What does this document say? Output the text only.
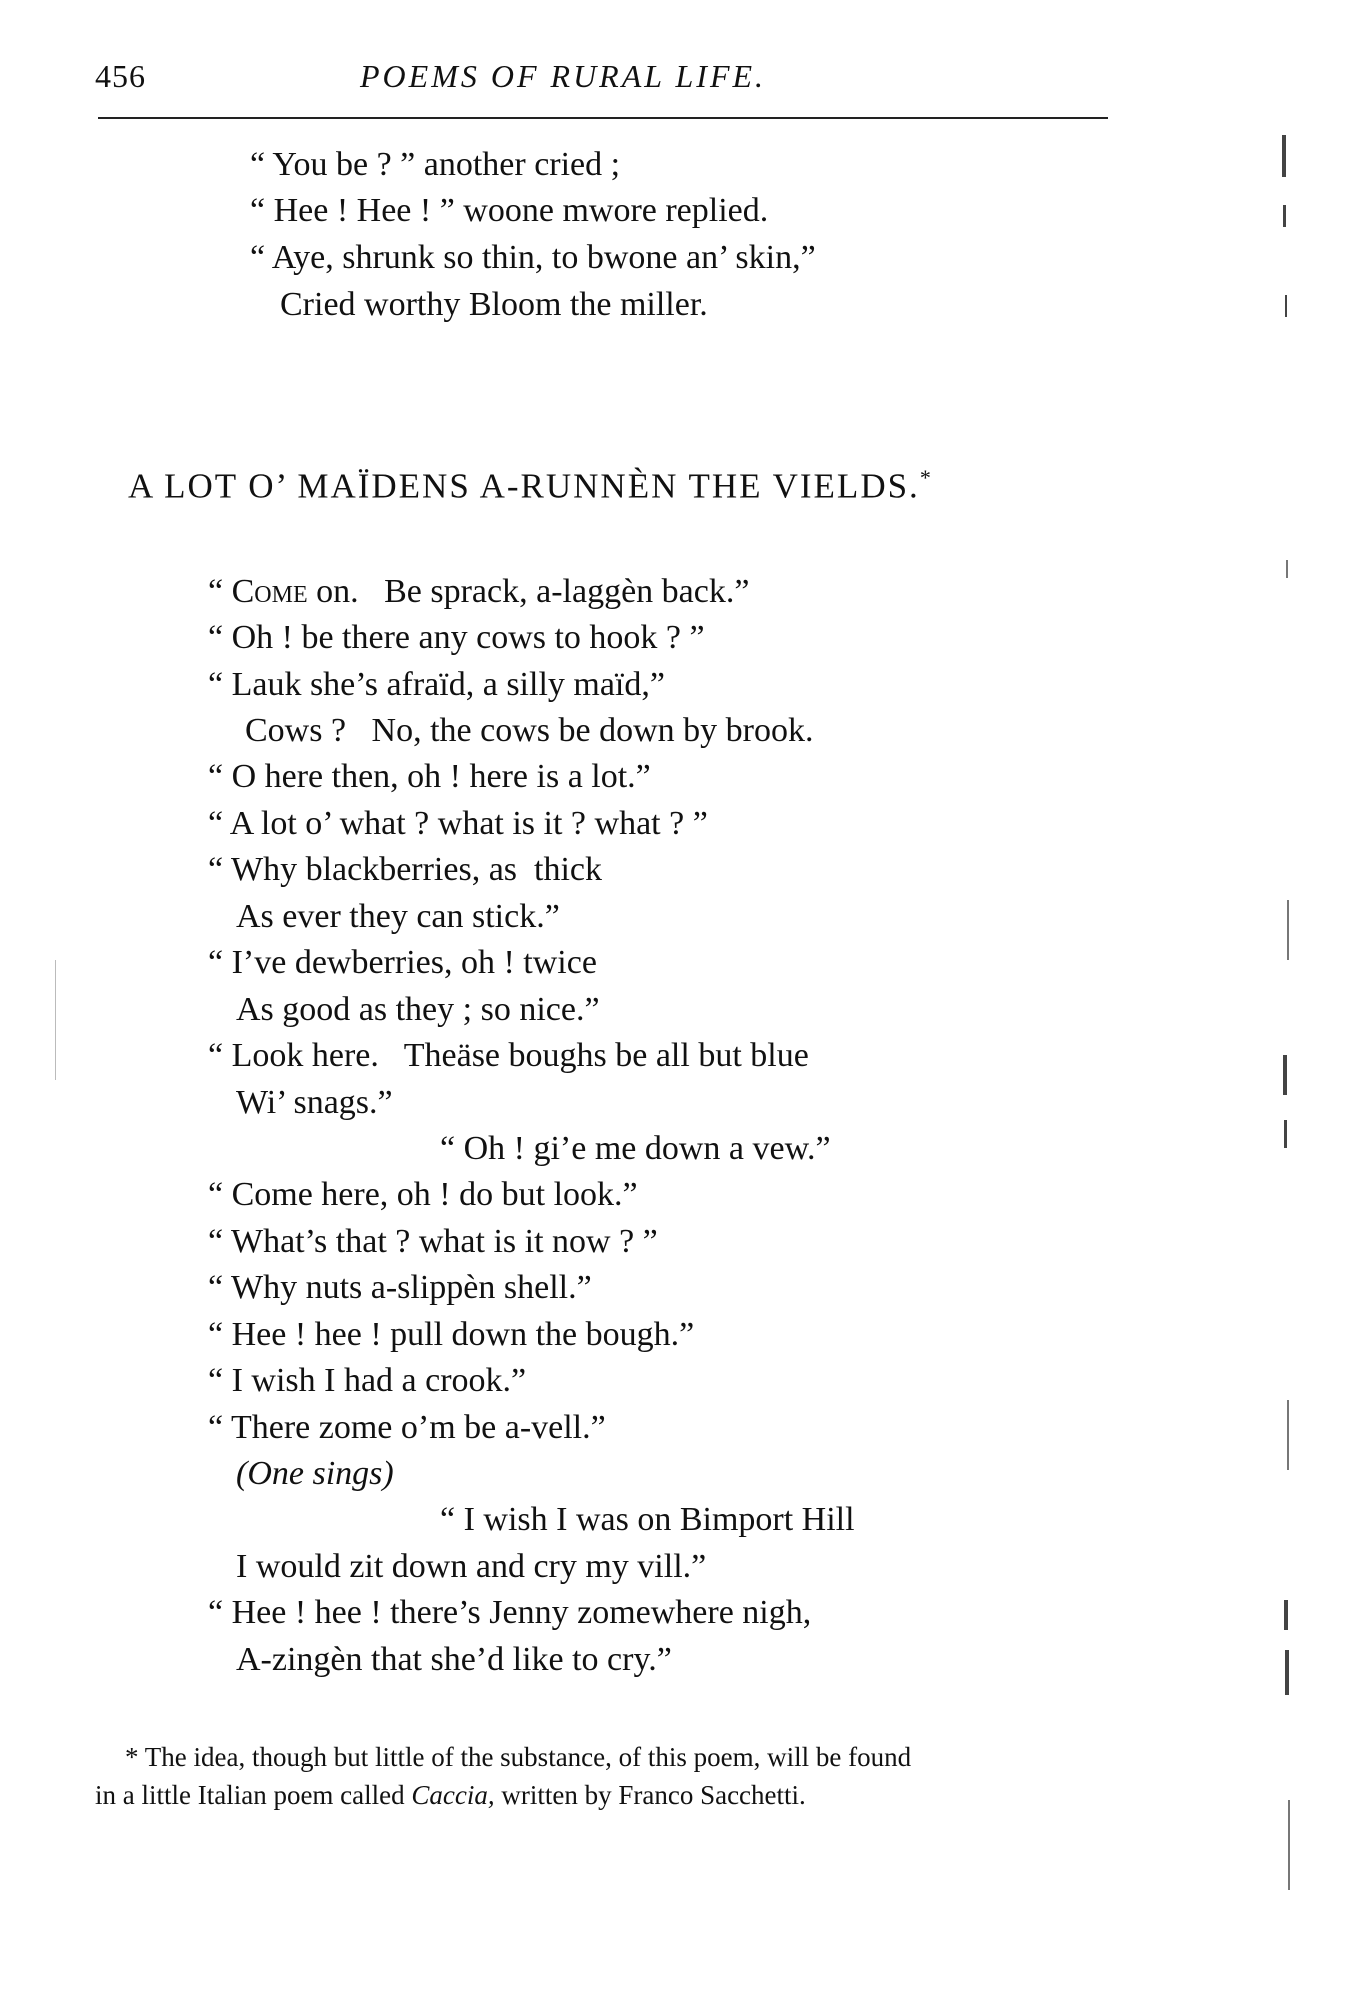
456	POEMS OF RURAL LIFE.
“ You be ? ” another cried ;
“ Hee ! Hee ! ” woone mwore replied.
“ Aye, shrunk so thin, to bwone an’ skin,”
Cried worthy Bloom the miller.
A LOT O’ MAÏDENS A-RUNNÈN THE VIELDS.*
“ Come on.   Be sprack, a-laggèn back.”
“ Oh ! be there any cows to hook ? ”
“ Lauk she’s afraïd, a silly maïd,”
Cows ?   No, the cows be down by brook.
“ O here then, oh ! here is a lot.”
“ A lot o’ what ? what is it ? what ? ”
“ Why blackberries, as  thick
As ever they can stick.”
“ I’ve dewberries, oh ! twice
As good as they ; so nice.”
“ Look here.   Theäse boughs be all but blue
Wi’ snags.”
“ Oh ! gi’e me down a vew.”
“ Come here, oh ! do but look.”
“ What’s that ? what is it now ? ”
“ Why nuts a-slippèn shell.”
“ Hee ! hee ! pull down the bough.”
“ I wish I had a crook.”
“ There zome o’m be a-vell.”
(One sings)
“ I wish I was on Bimport Hill
I would zit down and cry my vill.”
“ Hee ! hee ! there’s Jenny zomewhere nigh,
A-zingèn that she’d like to cry.”
* The idea, though but little of the substance, of this poem, will be found
in a little Italian poem called Caccia, written by Franco Sacchetti.
